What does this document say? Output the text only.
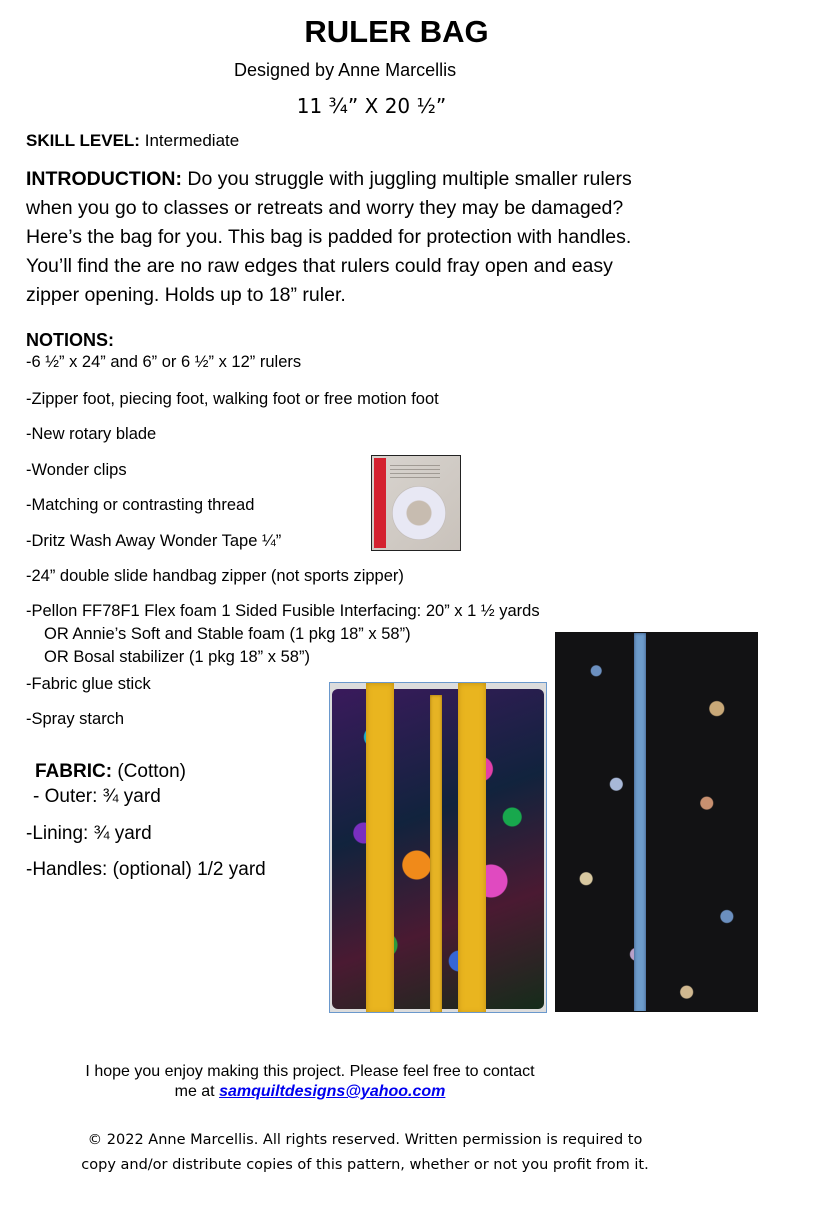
RULER BAG
Designed by Anne Marcellis
11 ¾” X 20 ½”
SKILL LEVEL: Intermediate
INTRODUCTION: Do you struggle with juggling multiple smaller rulers
when you go to classes or retreats and worry they may be damaged?
Here’s the bag for you. This bag is padded for protection with handles.
You’ll find the are no raw edges that rulers could fray open and easy
zipper opening. Holds up to 18” ruler.
NOTIONS:
-6 ½” x 24” and 6” or 6 ½” x 12” rulers
-Zipper foot, piecing foot, walking foot or free motion foot
-New rotary blade
-Wonder clips
-Matching or contrasting thread
-Dritz Wash Away Wonder Tape ¼”
-24” double slide handbag zipper (not sports zipper)
-Pellon FF78F1 Flex foam 1 Sided Fusible Interfacing: 20” x 1 ½ yards
OR Annie’s Soft and Stable foam (1 pkg 18” x 58”)
OR Bosal stabilizer (1 pkg 18” x 58”)
-Fabric glue stick
-Spray starch
FABRIC: (Cotton)
- Outer: ¾ yard
-Lining: ¾ yard
-Handles: (optional) 1/2 yard
I hope you enjoy making this project. Please feel free to contact
me at samquiltdesigns@yahoo.com
© 2022 Anne Marcellis. All rights reserved. Written permission is required to
copy and/or distribute copies of this pattern, whether or not you profit from it.
